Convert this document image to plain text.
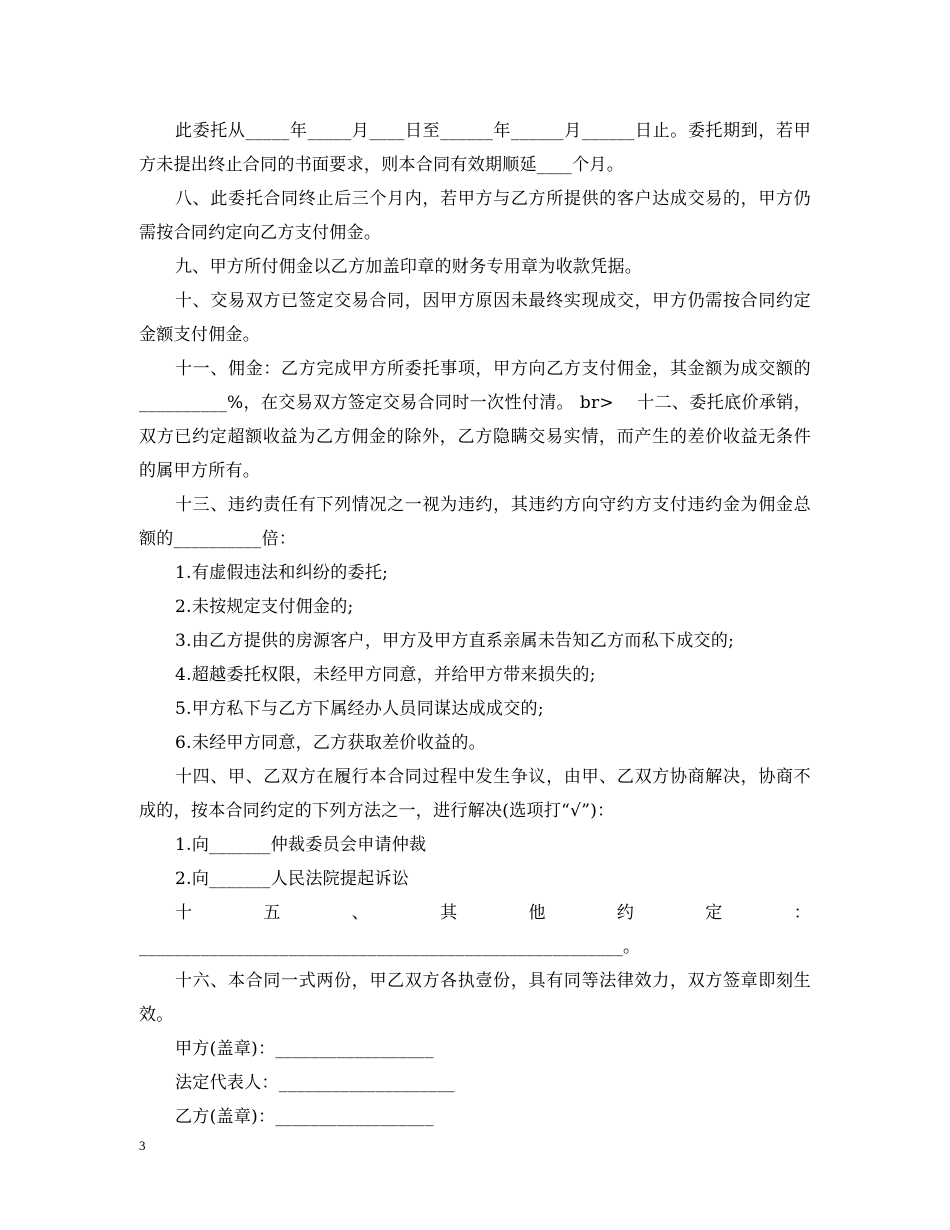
此委托从_____年_____月____日至______年______月______日止。委托期到，若甲方未提出终止合同的书面要求，则本合同有效期顺延____个月。

八、此委托合同终止后三个月内，若甲方与乙方所提供的客户达成交易的，甲方仍需按合同约定向乙方支付佣金。

九、甲方所付佣金以乙方加盖印章的财务专用章为收款凭据。

十、交易双方已签定交易合同，因甲方原因未最终实现成交，甲方仍需按合同约定金额支付佣金。

十一、佣金：乙方完成甲方所委托事项，甲方向乙方支付佣金，其金额为成交额的__________%，在交易双方签定交易合同时一次性付清。 br>    十二、委托底价承销，双方已约定超额收益为乙方佣金的除外，乙方隐瞒交易实情，而产生的差价收益无条件的属甲方所有。

十三、违约责任有下列情况之一视为违约，其违约方向守约方支付违约金为佣金总额的__________倍：

1.有虚假违法和纠纷的委托;

2.未按规定支付佣金的;

3.由乙方提供的房源客户，甲方及甲方直系亲属未告知乙方而私下成交的;

4.超越委托权限，未经甲方同意，并给甲方带来损失的;

5.甲方私下与乙方下属经办人员同谋达成成交的;

6.未经甲方同意，乙方获取差价收益的。

十四、甲、乙双方在履行本合同过程中发生争议，由甲、乙双方协商解决，协商不成的，按本合同约定的下列方法之一，进行解决(选项打“√”)：

1.向_______仲裁委员会申请仲裁

2.向_______人民法院提起诉讼

十五、其他约定：_______________________________________________________。

十六、本合同一式两份，甲乙双方各执壹份，具有同等法律效力，双方签章即刻生效。

甲方(盖章)：__________________

法定代表人：____________________

乙方(盖章)：__________________

3
